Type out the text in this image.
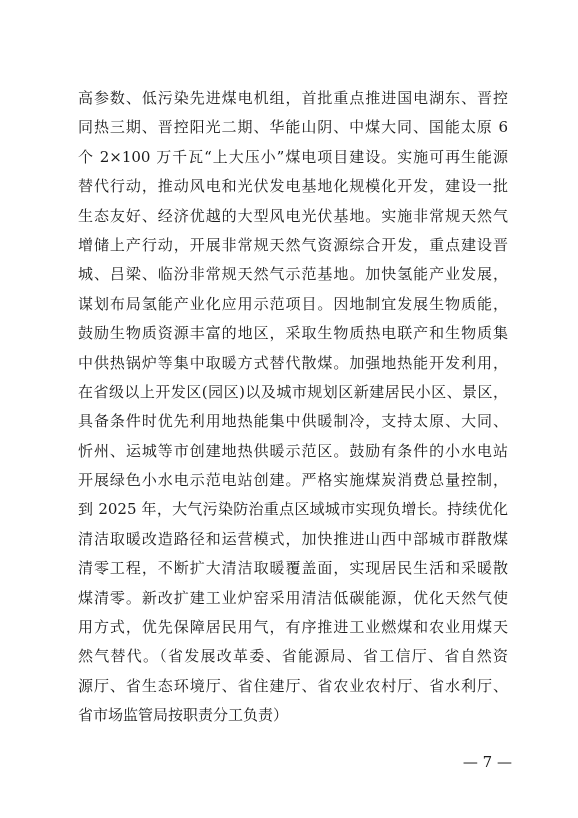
高参数、低污染先进煤电机组，首批重点推进国电湖东、晋控
同热三期、晋控阳光二期、华能山阴、中煤大同、国能太原 6
个 2×100 万千瓦“上大压小”煤电项目建设。实施可再生能源
替代行动，推动风电和光伏发电基地化规模化开发，建设一批
生态友好、经济优越的大型风电光伏基地。实施非常规天然气
增储上产行动，开展非常规天然气资源综合开发，重点建设晋
城、吕梁、临汾非常规天然气示范基地。加快氢能产业发展，
谋划布局氢能产业化应用示范项目。因地制宜发展生物质能，
鼓励生物质资源丰富的地区，采取生物质热电联产和生物质集
中供热锅炉等集中取暖方式替代散煤。加强地热能开发利用，
在省级以上开发区(园区)以及城市规划区新建居民小区、景区，
具备条件时优先利用地热能集中供暖制冷，支持太原、大同、
忻州、运城等市创建地热供暖示范区。鼓励有条件的小水电站
开展绿色小水电示范电站创建。严格实施煤炭消费总量控制，
到 2025 年，大气污染防治重点区域城市实现负增长。持续优化
清洁取暖改造路径和运营模式，加快推进山西中部城市群散煤
清零工程，不断扩大清洁取暖覆盖面，实现居民生活和采暖散
煤清零。新改扩建工业炉窑采用清洁低碳能源，优化天然气使
用方式，优先保障居民用气，有序推进工业燃煤和农业用煤天
然气替代。（省发展改革委、省能源局、省工信厅、省自然资
源厅、省生态环境厅、省住建厅、省农业农村厅、省水利厅、
省市场监管局按职责分工负责）
— 7 —
